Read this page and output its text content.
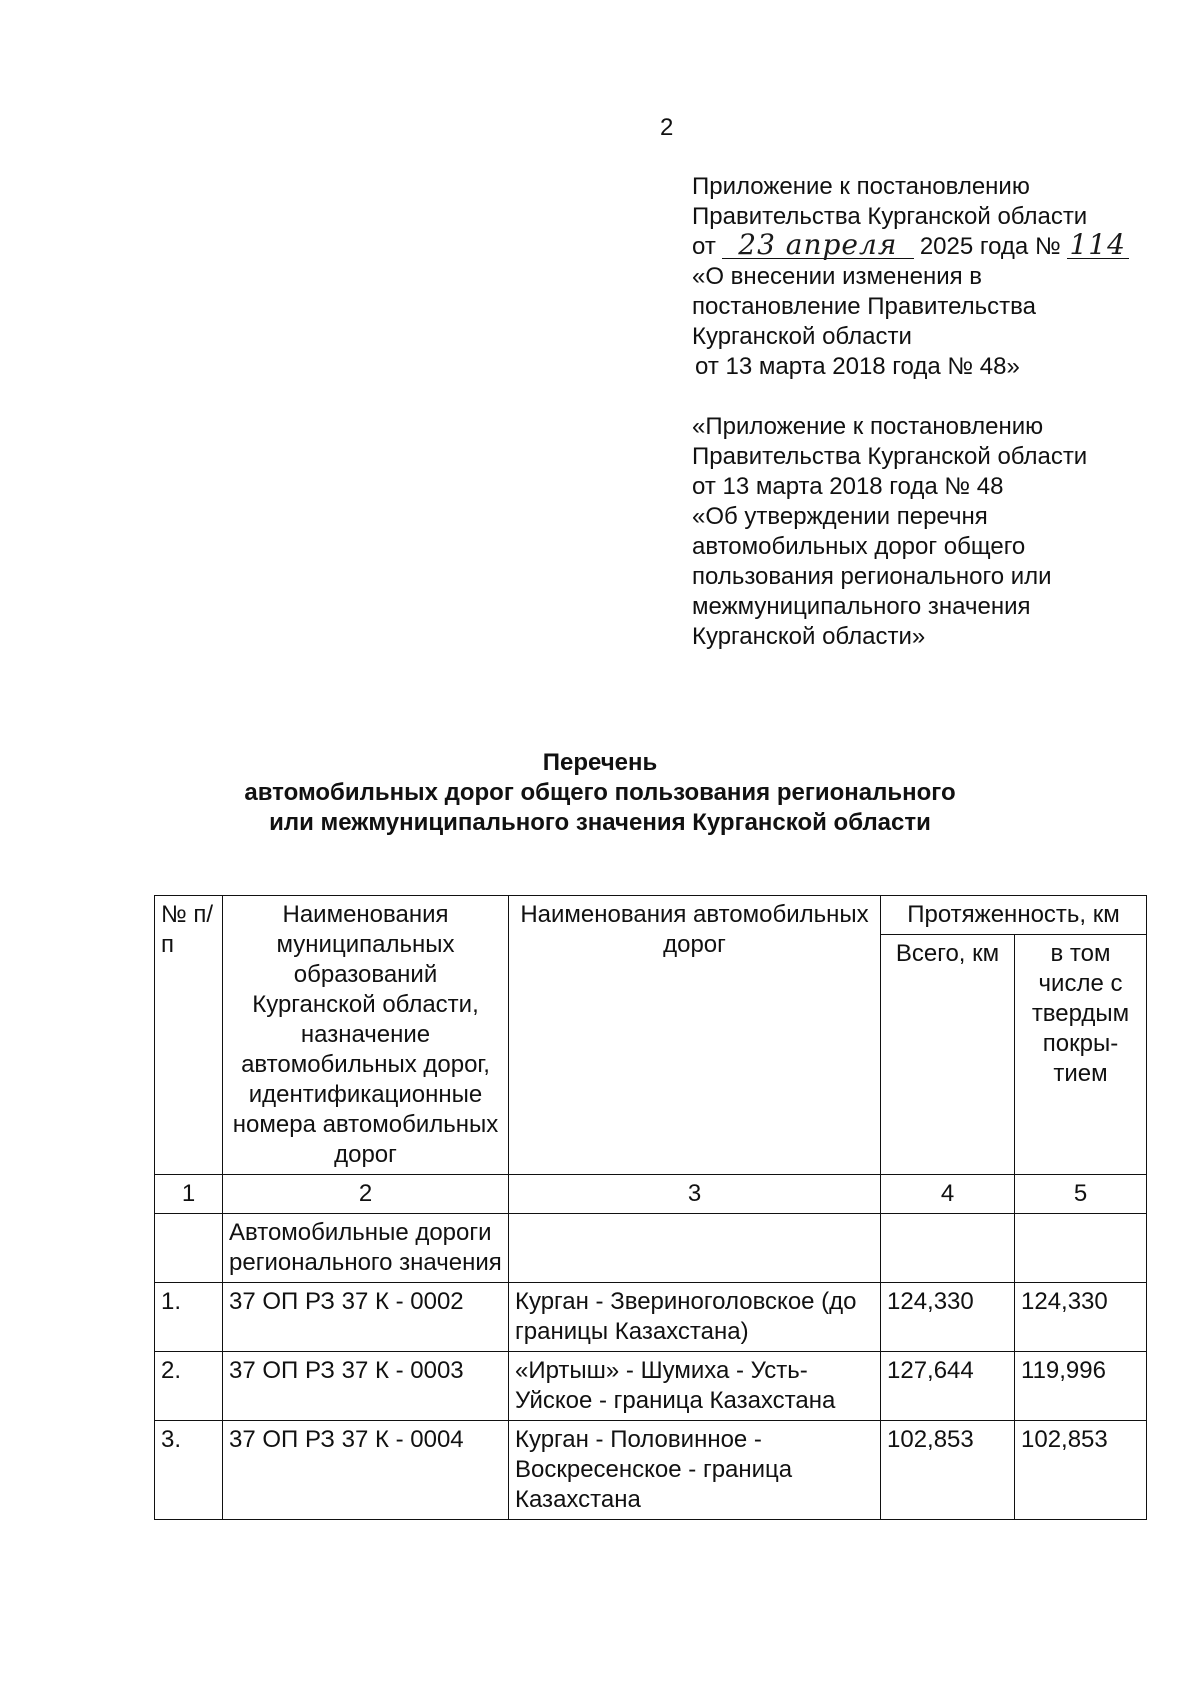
2
Приложение к постановлению
Правительства Курганской области
от 23 апреля 2025 года № 114
«О внесении изменения в
постановление Правительства
Курганской области
от 13 марта 2018 года № 48»
«Приложение к постановлению
Правительства Курганской области
от 13 марта 2018 года № 48
«Об утверждении перечня
автомобильных дорог общего
пользования регионального или
межмуниципального значения
Курганской области»
Перечень
автомобильных дорог общего пользования регионального
или межмуниципального значения Курганской области
№ п/п	Наименования муниципальных образований Курганской области, назначение автомобильных дорог, идентификационные номера автомобильных дорог	Наименования автомобильных дорог	Протяженность, км	
			Всего, км	в том числе с твердым покры-тием
1	2	3	4	5
	Автомобильные дороги регионального значения			
1.	37 ОП РЗ 37 К - 0002	Курган - Звериноголовское (до границы Казахстана)	124,330	124,330
2.	37 ОП РЗ 37 К - 0003	«Иртыш» - Шумиха - Усть-Уйское - граница Казахстана	127,644	119,996
3.	37 ОП РЗ 37 К - 0004	Курган - Половинное - Воскресенское - граница Казахстана	102,853	102,853
